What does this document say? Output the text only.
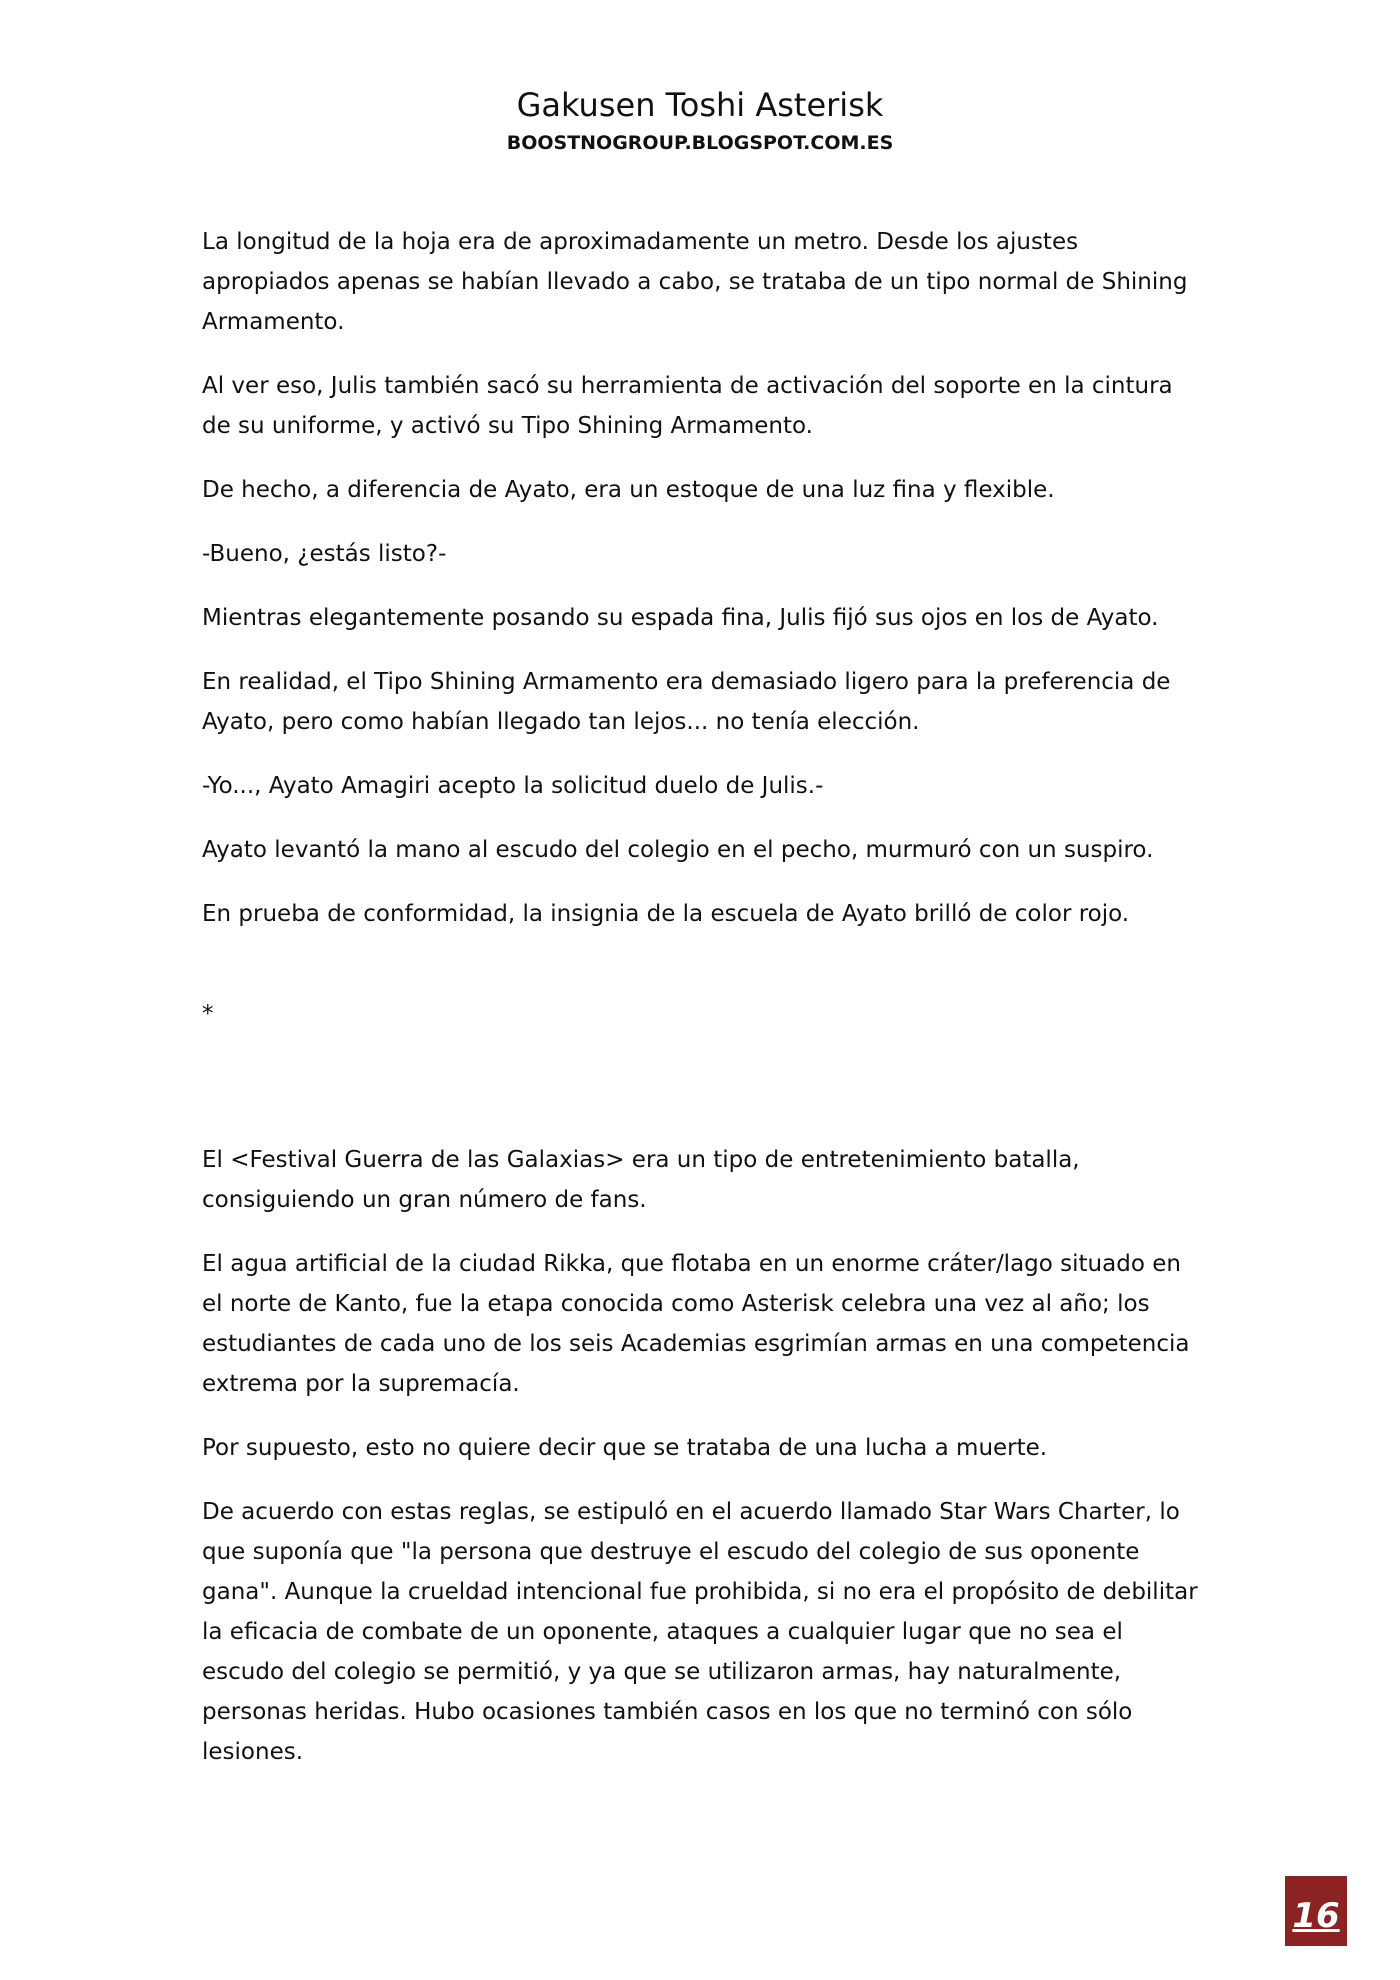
Gakusen Toshi Asterisk
BOOSTNOGROUP.BLOGSPOT.COM.ES

La longitud de la hoja era de aproximadamente un metro. Desde los ajustes apropiados apenas se habían llevado a cabo, se trataba de un tipo normal de Shining Armamento.

Al ver eso, Julis también sacó su herramienta de activación del soporte en la cintura de su uniforme, y activó su Tipo Shining Armamento.

De hecho, a diferencia de Ayato, era un estoque de una luz fina y flexible.

-Bueno, ¿estás listo?-

Mientras elegantemente posando su espada fina, Julis fijó sus ojos en los de Ayato.

En realidad, el Tipo Shining Armamento era demasiado ligero para la preferencia de Ayato, pero como habían llegado tan lejos... no tenía elección.

-Yo..., Ayato Amagiri acepto la solicitud duelo de Julis.-

Ayato levantó la mano al escudo del colegio en el pecho, murmuró con un suspiro.

En prueba de conformidad, la insignia de la escuela de Ayato brilló de color rojo.

*

El <Festival Guerra de las Galaxias> era un tipo de entretenimiento batalla, consiguiendo un gran número de fans.

El agua artificial de la ciudad Rikka, que flotaba en un enorme cráter/lago situado en el norte de Kanto, fue la etapa conocida como Asterisk celebra una vez al año; los estudiantes de cada uno de los seis Academias esgrimían armas en una competencia extrema por la supremacía.

Por supuesto, esto no quiere decir que se trataba de una lucha a muerte.

De acuerdo con estas reglas, se estipuló en el acuerdo llamado Star Wars Charter, lo que suponía que "la persona que destruye el escudo del colegio de sus oponente gana". Aunque la crueldad intencional fue prohibida, si no era el propósito de debilitar la eficacia de combate de un oponente, ataques a cualquier lugar que no sea el escudo del colegio se permitió, y ya que se utilizaron armas, hay naturalmente, personas heridas. Hubo ocasiones también casos en los que no terminó con sólo lesiones.

16
